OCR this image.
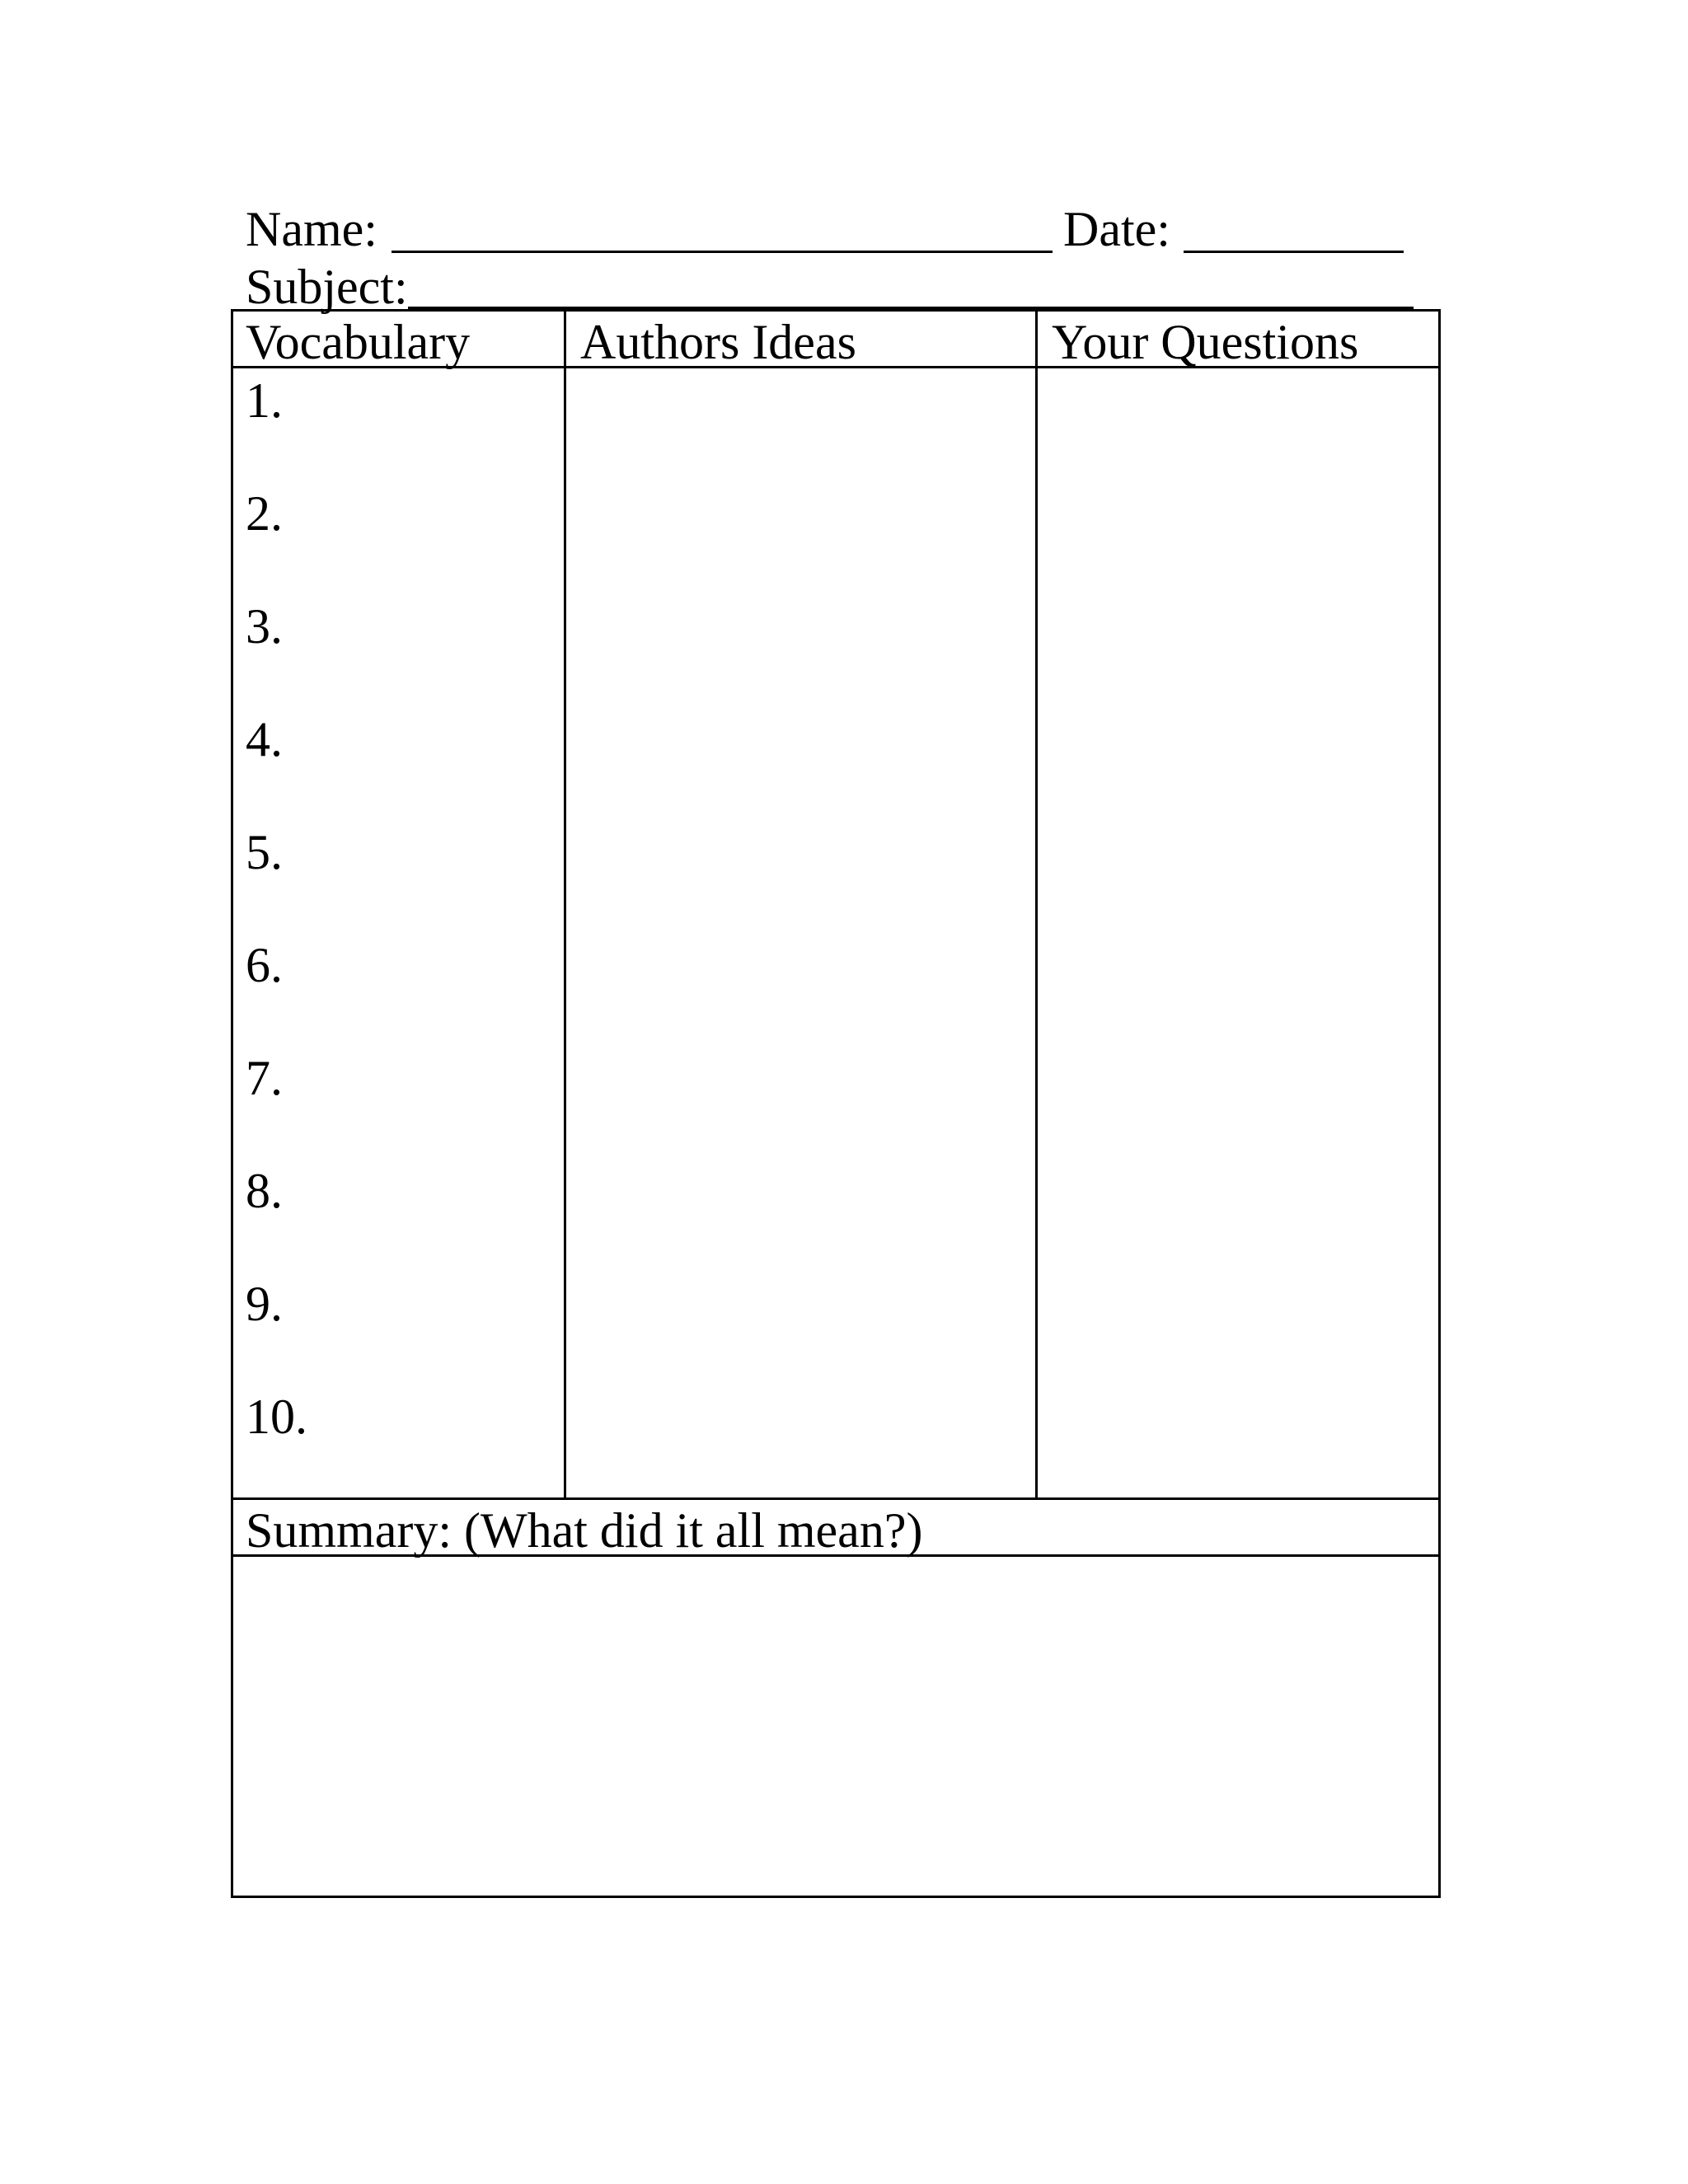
Name:	Date:
Subject:
Vocabulary Authors Ideas	Your Questions
1.
2.
3.
4.
5.
6.
7.
8.
9.
10.
Summary: (What did it all mean?)
